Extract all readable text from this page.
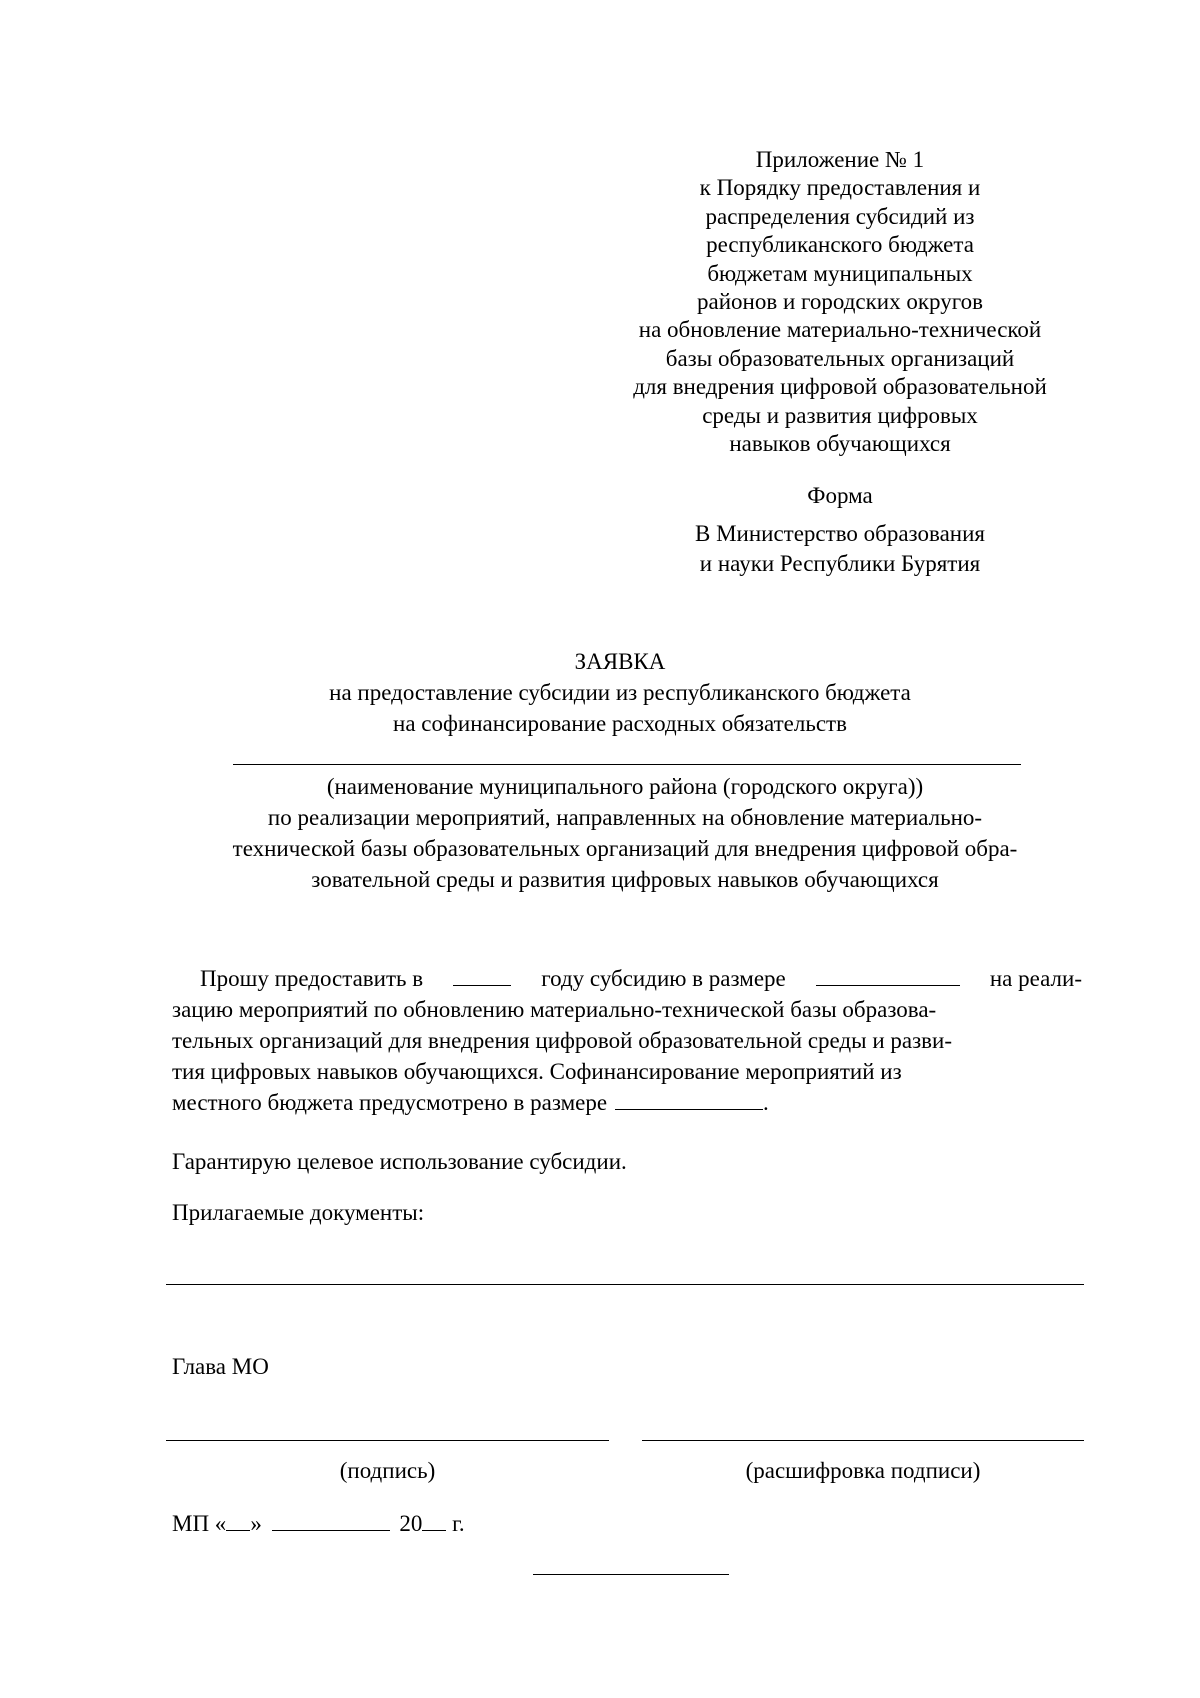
Приложение № 1
к Порядку предоставления и
распределения субсидий из
республиканского бюджета
бюджетам муниципальных
районов и городских округов
на обновление материально-технической
базы образовательных организаций
для внедрения цифровой образовательной
среды и развития цифровых
навыков обучающихся
Форма
В Министерство образования
и науки Республики Бурятия
ЗАЯВКА
на предоставление субсидии из республиканского бюджета
на софинансирование расходных обязательств
(наименование муниципального района (городского округа))
по реализации мероприятий, направленных на обновление материально-
технической базы образовательных организаций для внедрения цифровой обра-
зовательной среды и развития цифровых навыков обучающихся
Прошу предоставить в	году субсидию в размере	на реали-
зацию мероприятий по обновлению материально-технической базы образова-
тельных организаций для внедрения цифровой образовательной среды и разви-
тия цифровых навыков обучающихся. Софинансирование мероприятий из
местного бюджета предусмотрено в размере	.
Гарантирую целевое использование субсидии.
Прилагаемые документы:
Глава МО
(подпись)	(расшифровка подписи)
МП « »	20 г.
